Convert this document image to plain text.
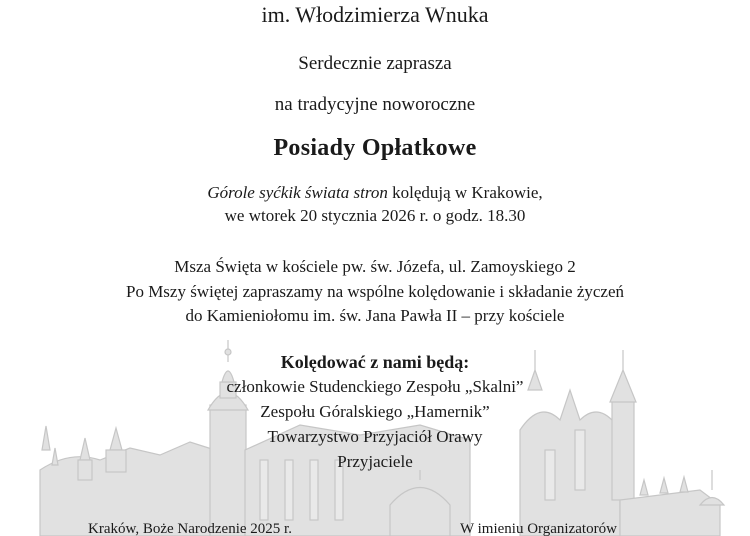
im. Włodzimierza Wnuka
Serdecznie zaprasza
na tradycyjne noworoczne
Posiady Opłatkowe
Górole syćkik świata stron kolędują w Krakowie,
we wtorek 20 stycznia 2026 r. o godz. 18.30
Msza Święta w kościele pw. św. Józefa, ul. Zamoyskiego 2
Po Mszy świętej zapraszamy na wspólne kolędowanie i składanie życzeń
do Kamieniołomu im. św. Jana Pawła II – przy kościele
Kolędować z nami będą:
członkowie Studenckiego Zespołu „Skalni”
Zespołu Góralskiego „Hamernik”
Towarzystwo Przyjaciół Orawy
Przyjaciele
Kraków, Boże Narodzenie 2025 r.	W imieniu Organizatorów
